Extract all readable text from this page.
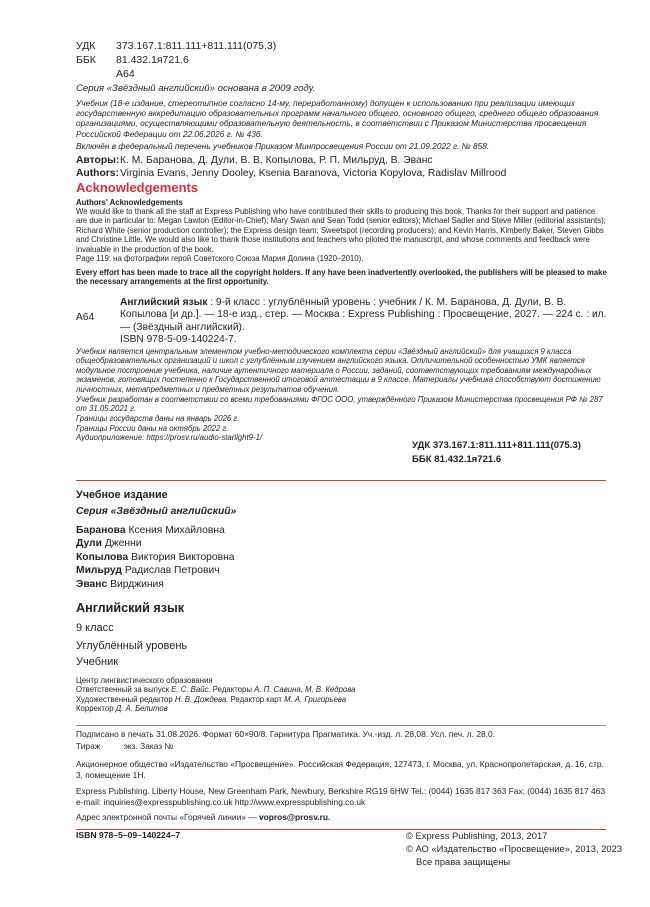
УДК	373.167.1:811.111+811.111(075.3)
ББК	81.432.1я721.6
А64

Серия «Звёздный английский» основана в 2009 году.

Учебник (18-е издание, стереотипное согласно 14-му, переработанному) допущен к использованию при реализации имеющих государственную аккредитацию образовательных программ начального общего, основного общего, среднего общего образования организациями, осуществляющими образовательную деятельность, в соответствии с Приказом Министерства просвещения Российской Федерации от 22.06.2026 г. № 436.

Включён в федеральный перечень учебников Приказом Минпросвещения России от 21.09.2022 г. № 858.

Авторы:К. М. Баранова, Д. Дули, В. В. Копылова, Р. П. Мильруд, В. Эванс
Authors:Virginia Evans, Jenny Dooley, Ksenia Baranova, Victoria Kopylova, Radislav Millrood
Acknowledgements

Authors' Acknowledgements

We would like to thank all the staff at Express Publishing who have contributed their skills to producing this book. Thanks for their support and patience are due in particular to: Megan Lawton (Editor-in-Chief); Mary Swan and Sean Todd (senior editors); Michael Sadler and Steve Miller (editorial assistants); Richard White (senior production controller); the Express design team; Sweetspot (recording producers); and Kevin Harris, Kimberly Baker, Steven Gibbs and Christine Little. We would also like to thank those institutions and teachers who piloted the manuscript, and whose comments and feedback were invaluable in the production of the book.

Page 119: на фотографии герой Советского Союза Мария Долина (1920–2010).

Every effort has been made to trace all the copyright holders. If any have been inadvertently overlooked, the publishers will be pleased to make the necessary arrangements at the first opportunity.

А64
Английский язык : 9-й класс : углублённый уровень : учебник / К. М. Баранова, Д. Дули, В. В. Копылова [и др.]. — 18-е изд., стер. — Москва : Express Publishing : Просвещение, 2027. — 224 с. : ил. — (Звёздный английский).
ISBN 978-5-09-140224-7.

Учебник является центральным элементом учебно-методического комплекта серии «Звёздный английский» для учащихся 9 класса общеобразовательных организаций и школ с углублённым изучением английского языка. Отличительной особенностью УМК является модульное построение учебника, наличие аутентичного материала о России, заданий, соответствующих требованиям международных экзаменов, готовящих постепенно к Государственной итоговой аттестации в 9 классе. Материалы учебника способствуют достижению личностных, метапредметных и предметных результатов обучения.

Учебник разработан в соответствии со всеми требованиями ФГОС ООО, утверждённого Приказом Министерства просвещения РФ № 287 от 31.05.2021 г.

Границы государств даны на январь 2026 г.

Границы России даны на октябрь 2022 г.

Аудиоприложение: https://prosv.ru/audio-starlight9-1/

УДК 373.167.1:811.111+811.111(075.3)

ББК 81.432.1я721.6

Учебное издание

Серия «Звёздный английский»

Баранова Ксения Михайловна
Дули Дженни
Копылова Виктория Викторовна
Мильруд Радислав Петрович
Эванс Вирджиния

Английский язык

9 класс

Углублённый уровень

Учебник

Центр лингвистического образования
Ответственный за выпуск Е. С. Вайс. Редакторы А. П. Савина, М. В. Кедрова
Художественный редактор Н. В. Дождева. Редактор карт М. А. Григорьева
Корректор Д. А. Белитов

Подписано в печать 31.08.2026. Формат 60×90/8. Гарнитура Прагматика. Уч.-изд. л. 28,08. Усл. печ. л. 28,0.

Тираж          экз. Заказ №

Акционерное общество «Издательство «Просвещение». Российская Федерация, 127473, г. Москва, ул. Краснопролетарская, д. 16, стр. 3, помещение 1Н.

Express Publishing. Liberty House, New Greenham Park, Newbury, Berkshire RG19 6HW Tel.: (0044) 1635 817 363 Fax: (0044) 1635 817 463 e-mail: inquiries@expresspublishing.co.uk http://www.expresspublishing.co.uk

Адрес электронной почты «Горячей линии» — vopros@prosv.ru.

ISBN 978–5–09–140224–7	© Express Publishing, 2013, 2017

© АО «Издательство «Просвещение», 2013, 2023

Все права защищены
